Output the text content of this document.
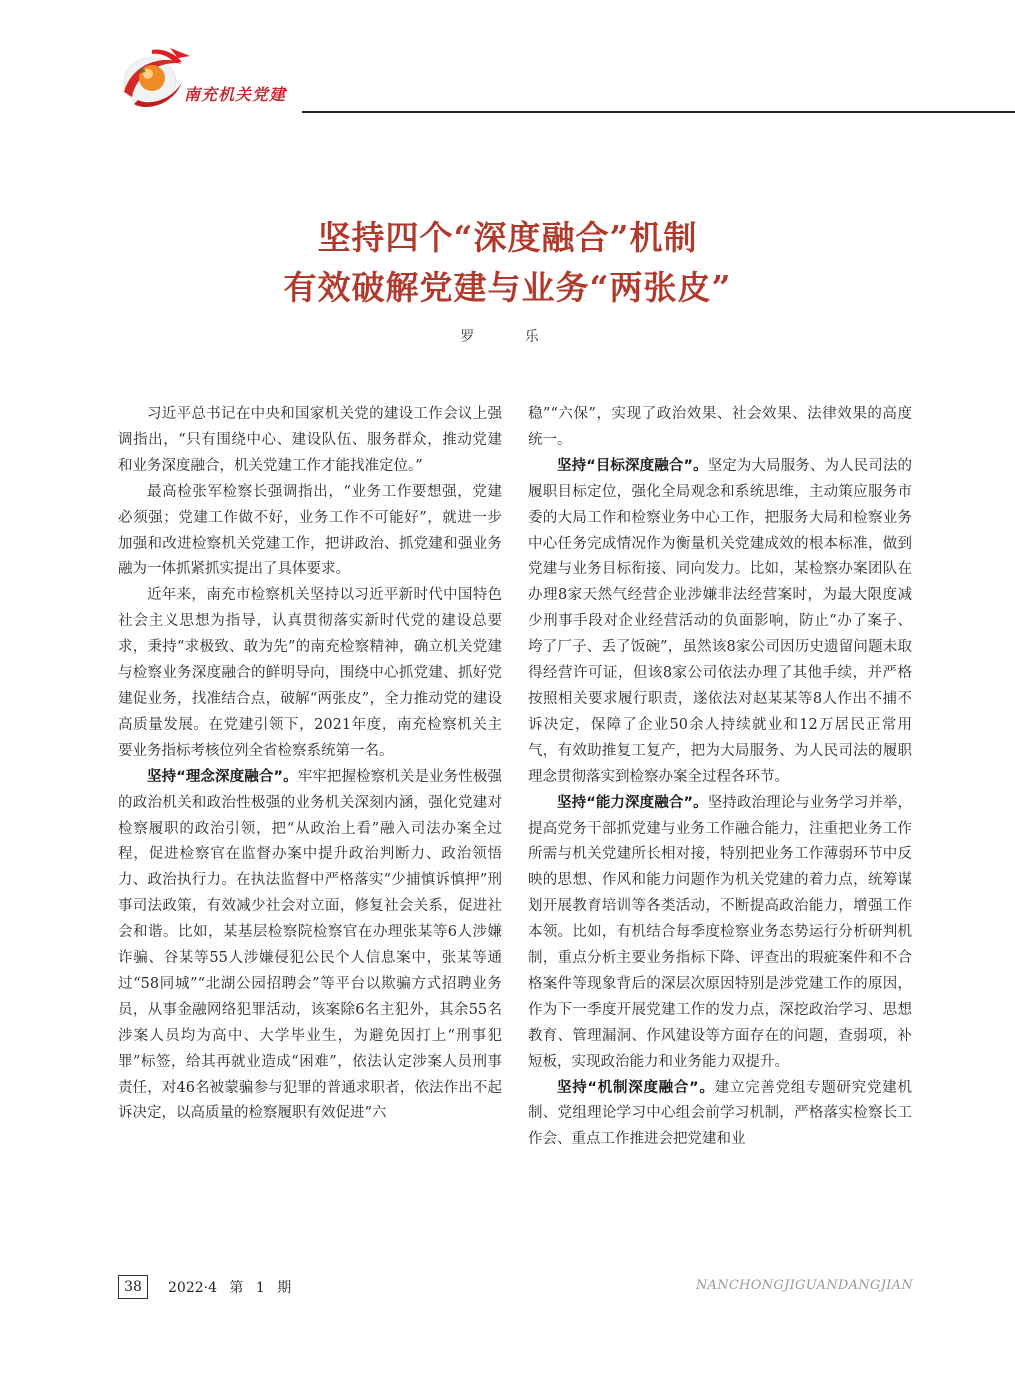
南充机关党建
坚持四个“深度融合”机制
有效破解党建与业务“两张皮”
罗 乐

习近平总书记在中央和国家机关党的建设工作会议上强调指出，“只有围绕中心、建设队伍、服务群众，推动党建和业务深度融合，机关党建工作才能找准定位。”

最高检张军检察长强调指出，“业务工作要想强，党建必须强；党建工作做不好，业务工作不可能好”，就进一步加强和改进检察机关党建工作，把讲政治、抓党建和强业务融为一体抓紧抓实提出了具体要求。

近年来，南充市检察机关坚持以习近平新时代中国特色社会主义思想为指导，认真贯彻落实新时代党的建设总要求，秉持“求极致、敢为先”的南充检察精神，确立机关党建与检察业务深度融合的鲜明导向，围绕中心抓党建、抓好党建促业务，找准结合点，破解“两张皮”，全力推动党的建设高质量发展。在党建引领下，2021年度，南充检察机关主要业务指标考核位列全省检察系统第一名。

坚持“理念深度融合”。牢牢把握检察机关是业务性极强的政治机关和政治性极强的业务机关深刻内涵，强化党建对检察履职的政治引领，把“从政治上看”融入司法办案全过程，促进检察官在监督办案中提升政治判断力、政治领悟力、政治执行力。在执法监督中严格落实“少捕慎诉慎押”刑事司法政策，有效减少社会对立面，修复社会关系，促进社会和谐。比如，某基层检察院检察官在办理张某等6人涉嫌诈骗、谷某等55人涉嫌侵犯公民个人信息案中，张某等通过“58同城”“北湖公园招聘会”等平台以欺骗方式招聘业务员，从事金融网络犯罪活动，该案除6名主犯外，其余55名涉案人员均为高中、大学毕业生，为避免因打上“刑事犯罪”标签，给其再就业造成“困难”，依法认定涉案人员刑事责任，对46名被蒙骗参与犯罪的普通求职者，依法作出不起诉决定，以高质量的检察履职有效促进“六

稳”“六保”，实现了政治效果、社会效果、法律效果的高度统一。

坚持“目标深度融合”。坚定为大局服务、为人民司法的履职目标定位，强化全局观念和系统思维，主动策应服务市委的大局工作和检察业务中心工作，把服务大局和检察业务中心任务完成情况作为衡量机关党建成效的根本标准，做到党建与业务目标衔接、同向发力。比如，某检察办案团队在办理8家天然气经营企业涉嫌非法经营案时，为最大限度减少刑事手段对企业经营活动的负面影响，防止“办了案子、垮了厂子、丢了饭碗”，虽然该8家公司因历史遗留问题未取得经营许可证，但该8家公司依法办理了其他手续，并严格按照相关要求履行职责，遂依法对赵某某等8人作出不捕不诉决定，保障了企业50余人持续就业和12万居民正常用气，有效助推复工复产，把为大局服务、为人民司法的履职理念贯彻落实到检察办案全过程各环节。

坚持“能力深度融合”。坚持政治理论与业务学习并举，提高党务干部抓党建与业务工作融合能力，注重把业务工作所需与机关党建所长相对接，特别把业务工作薄弱环节中反映的思想、作风和能力问题作为机关党建的着力点，统筹谋划开展教育培训等各类活动，不断提高政治能力，增强工作本领。比如，有机结合每季度检察业务态势运行分析研判机制，重点分析主要业务指标下降、评查出的瑕疵案件和不合格案件等现象背后的深层次原因特别是涉党建工作的原因，作为下一季度开展党建工作的发力点，深挖政治学习、思想教育、管理漏洞、作风建设等方面存在的问题，查弱项，补短板，实现政治能力和业务能力双提升。

坚持“机制深度融合”。建立完善党组专题研究党建机制、党组理论学习中心组会前学习机制，严格落实检察长工作会、重点工作推进会把党建和业

38	2022·4 第 1 期	NANCHONGJIGUANDANGJIAN
